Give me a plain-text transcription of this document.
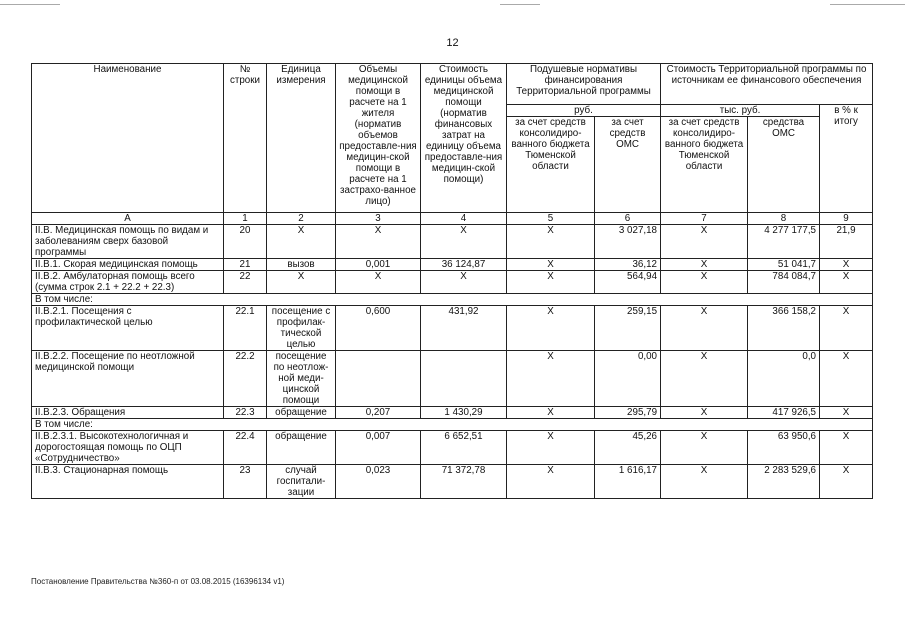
12
Наименование	№ строки	Единица измерения	Объемы медицинской помощи в расчете на 1 жителя (норматив объемов предоставле-ния медицин-ской помощи в расчете на 1 застрахо-ванное лицо)	Стоимость единицы объема медицинской помощи (норматив финансовых затрат на единицу объема предоставле-ния медицин-ской помощи)	Подушевые нормативы финансирования Территориальной программы		Стоимость Территориальной программы по источникам ее финансового обеспечения		
					руб.		тыс. руб.		в % к итогу
					за счет средств консолидиро-ванного бюджета Тюменской области	за счет средств ОМС	за счет средств консолидиро-ванного бюджета Тюменской области	средства ОМС	
А	1	2	3	4	5	6	7	8	9
II.В. Медицинская помощь по видам и заболеваниям сверх базовой программы	20	X	X	X	X	3 027,18	X	4 277 177,5	21,9
II.В.1. Скорая медицинская помощь	21	вызов	0,001	36 124,87	X	36,12	X	51 041,7	X
II.В.2. Амбулаторная помощь всего (сумма строк 2.1 + 22.2 + 22.3)	22	X	X	X	X	564,94	X	784 084,7	X
В том числе:									
II.В.2.1. Посещения с профилактической целью	22.1	посещение с профилак-тической целью	0,600	431,92	X	259,15	X	366 158,2	X
II.В.2.2. Посещение по неотложной медицинской помощи	22.2	посещение по неотлож-ной меди-цинской помощи			X	0,00	X	0,0	X
II.В.2.3. Обращения	22.3	обращение	0,207	1 430,29	X	295,79	X	417 926,5	X
В том числе:									
II.В.2.3.1. Высокотехнологичная и дорогостоящая помощь по ОЦП «Сотрудничество»	22.4	обращение	0,007	6 652,51	X	45,26	X	63 950,6	X
II.В.3. Стационарная помощь	23	случай госпитали-зации	0,023	71 372,78	X	1 616,17	X	2 283 529,6	X
Постановление Правительства №360-п от 03.08.2015 (16396134 v1)
